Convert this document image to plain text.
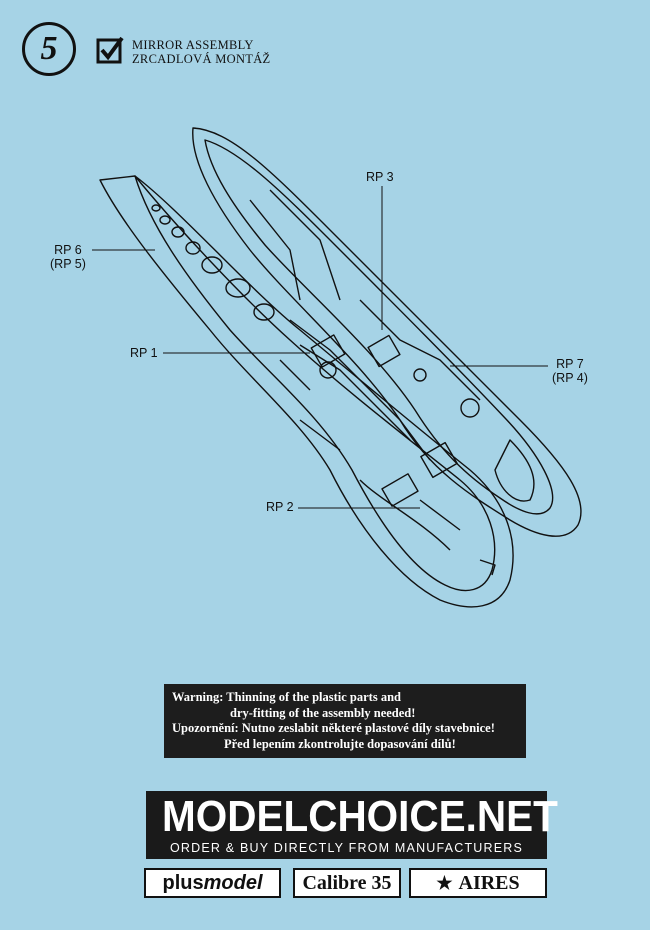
5	MIRROR ASSEMBLY
ZRCADLOVÁ MONTÁŽ
RP 6
(RP 5)
RP 3
RP 1
RP 7
(RP 4)
RP 2
Warning: Thinning of the plastic parts and
dry-fitting of the assembly needed!
Upozornění: Nutno zeslabit některé plastové díly stavebnice!
Před lepením zkontrolujte dopasování dílů!
MODELCHOICE.NET
ORDER & BUY DIRECTLY FROM MANUFACTURERS
plus model Calibre 35 ★ AIRES
